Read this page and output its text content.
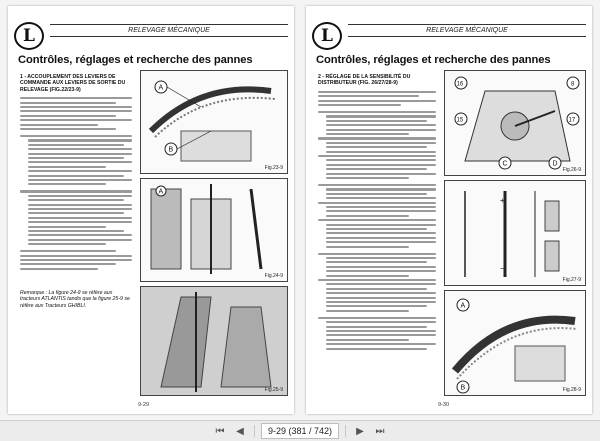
L	RELEVAGE MÉCANIQUE
Contrôles, réglages et recherche des pannes
1 - ACCOUPLEMENT DES LEVIERS DE COMMANDE AUX LEVIERS DE SORTIE DU RELEVAGE (FIG.22/23-9)	A
B
Fig.23-9
A
Fig.24-9
Remarque : La figure 24-9 se réfère aux tracteurs ATLANTIS tandis que la figure 25-9 se réfère aux Tracteurs GHIBLI.
Fig.25-9
9-29
L	RELEVAGE MÉCANIQUE
Contrôles, réglages et recherche des pannes
2 - RÉGLAGE DE LA SENSIBILITÉ DU DISTRIBUTEUR (FIG. 26/27/28-9)	16	8
15	17
C	D
Fig.26-9
+
−
Fig.27-9
A
B	Fig.28-9
9-30
⏮	◀	9-29 (381 / 742)	▶	⏭
